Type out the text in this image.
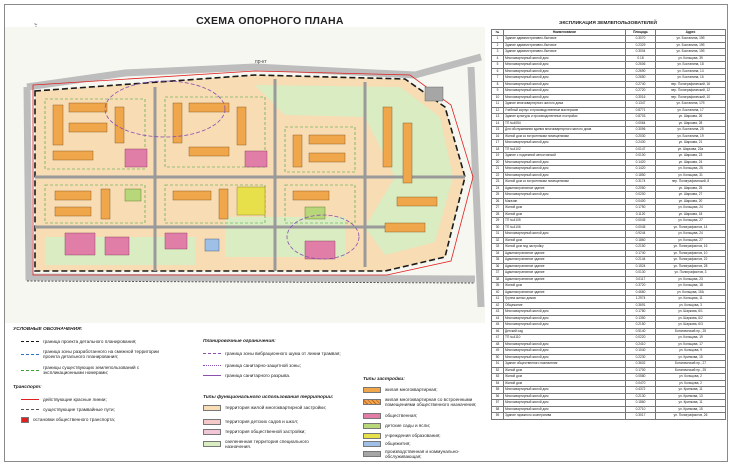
СХЕМА ОПОРНОГО ПЛАНА
С
пр-кт
УСЛОВНЫЕ ОБОЗНАЧЕНИЯ:
граница проекта детального планирования;
граница зоны разработанного на смежной территории проекта детального планирования;
границы существующих землепользований с экспликационными номерами;
Транспорт:
действующие красные линии;
существующие трамвайные пути;
остановки общественного транспорта;
Планировочные ограничения:
граница зоны вибрационного шума от линии трамвая;
граница санитарно-защитной зоны;
граница санитарного разрыва.
Типы функционального использования территории:
территория жилой многоквартирной застройки;
территория детских садов и школ;
территория общественной застройки;
озелененная территория специального назначения.
Типы застройки:
жилая многоквартирная;
жилая многоквартирная со встроенными помещениями общественного назначения;
общественная;
детские сады и ясли;
учреждения образования;
общежития;
производственная и коммунально-обслуживающая;
ЭКСПЛИКАЦИЯ ЗЕМЛЕПОЛЬЗОВАТЕЛЕЙ
№	Наименование	Площадь	Адрес
1	Здание административно-бытовое	0.3070	ул. Бостанина, 19б
2	Здание административно-бытовое	0.2329	ул. Бостанина, 19б
3	Здание административно-бытовое	0.3004	ул. Бостанина, 19б
4	Многоквартирный жилой дом	0.18	ул. Кольцова, 39
5	Многоквартирный жилой дом	0.2606	ул. Бостанина, 18
6	Многоквартирный жилой дом	0.2690	ул. Бостанина, 14
7	Многоквартирный жилой дом	0.2650	ул. Бостанина, 16
8	Многоквартирный жилой дом	0.2740	пер. Полиграфический, 16
9	Многоквартирный жилой дом	0.2720	пер. Полиграфический, 12
10	Многоквартирный жилой дом	0.3016	пер. Полиграфический, 10
11	Здание многоквартирного жилого дома	0.1347	ул. Бостанина, 17б
12	Учебный корпус и производственные мастерские	0.8771	ул. Бостанина, 17
13	Здание культуры и производственные постройки	0.8703	ул. Шаркова, 26
14	ТП №4054	0.0064	ул. Шаркова, 28
15	Для обслуживания здания многоквартирного жилого дома	0.3096	ул. Бостанина, 25
16	Жилой дом со встроенными помещениями	0.2030	ул. Бостанина, 19
17	Многоквартирный жилой дом	0.2430	ул. Шаркова, 21
18	ТП №4102	0.0147	ул. Шаркова, 22а
19	Здание с подземной автостоянкой	0.0100	ул. Шаркова, 23
20	Многоквартирный жилой дом	0.1420	ул. Шаркова, 24
21	Многоквартирный жилой дом	0.1420	ул. Кольцова, 25
22	Многоквартирный жилой дом	0.1850	ул. Кольцова, 31
23	Жилой дом со встроенными помещениями	0.3174	пер. Полиграфический, 8
24	Административное здание	0.2050	ул. Шаркова, 25
25	Многоквартирный жилой дом	0.0200	ул. Шаркова, 27
26	Магазин	0.0400	ул. Шаркова, 20
27	Жилой дом	0.1750	ул. Кольцова, 24
28	Жилой дом	0.1120	ул. Шаркова, 18
29	ТП №4105	0.0045	ул. Кольцова, 27
30	ТП №4106	0.0045	ул. Полиграфистов, 14
31	Многоквартирный жилой дом	0.9244	ул. Кольцова, 24
32	Жилой дом	0.1860	ул. Кольцова, 27
33	Жилой дом под застройку	0.2150	ул. Полиграфистов, 16
34	Административное здание	0.1740	ул. Полиграфистов, 10
35	Административное здание	0.2144	ул. Полиграфистов, 22
36	Административное здание	0.1524	ул. Полиграфистов, 28
37	Административное здание	0.0130	ул. Полиграфистов, 3
38	Административное здание	0.0117	ул. Кольцова, 23
39	Жилой дом	0.3720	ул. Кольцова, 18
40	Административное здание	0.4660	ул. Кольцова, 15А
41	Группа жилых домов	1.2974	ул. Кольцова, 11
42	Общежитие	0.3691	ул. Кольцова, 3
43	Многоквартирный жилой дом	0.1780	ул. Шаркова, 6/1
44	Многоквартирный жилой дом	0.1350	ул. Шаркова, 6/2
45	Многоквартирный жилой дом	0.2150	ул. Шаркова, 6/3
46	Детский сад	0.5140	Ботанический пр., 25
47	ТП №4110	0.0220	ул. Кольцова, 19
48	Многоквартирный жилой дом	0.2410	ул. Кольцова, 17
49	Многоквартирный жилой дом	0.1040	ул. Кольцова, 9
50	Многоквартирный жилой дом	0.2230	ул. Кринкова, 15
51	Здание общественного назначения	0.3602	Ботанический пр., 27
52	Жилой дом	0.1700	Ботанический пр., 25
53	Жилой дом	0.0580	ул. Кольцова, 2
54	Жилой дом	0.0470	ул. Кольцова, 2
55	Многоквартирный жилой дом	0.4372	ул. Кринкова, 11
56	Многоквартирный жилой дом	0.2130	ул. Кринкова, 13
57	Многоквартирный жилой дом	0.1860	ул. Кринкова, 11
58	Многоквартирный жилой дом	0.2710	ул. Кринкова, 15
59	Здание гаражного кооператива	0.3017	ул. Полиграфистов, 26
